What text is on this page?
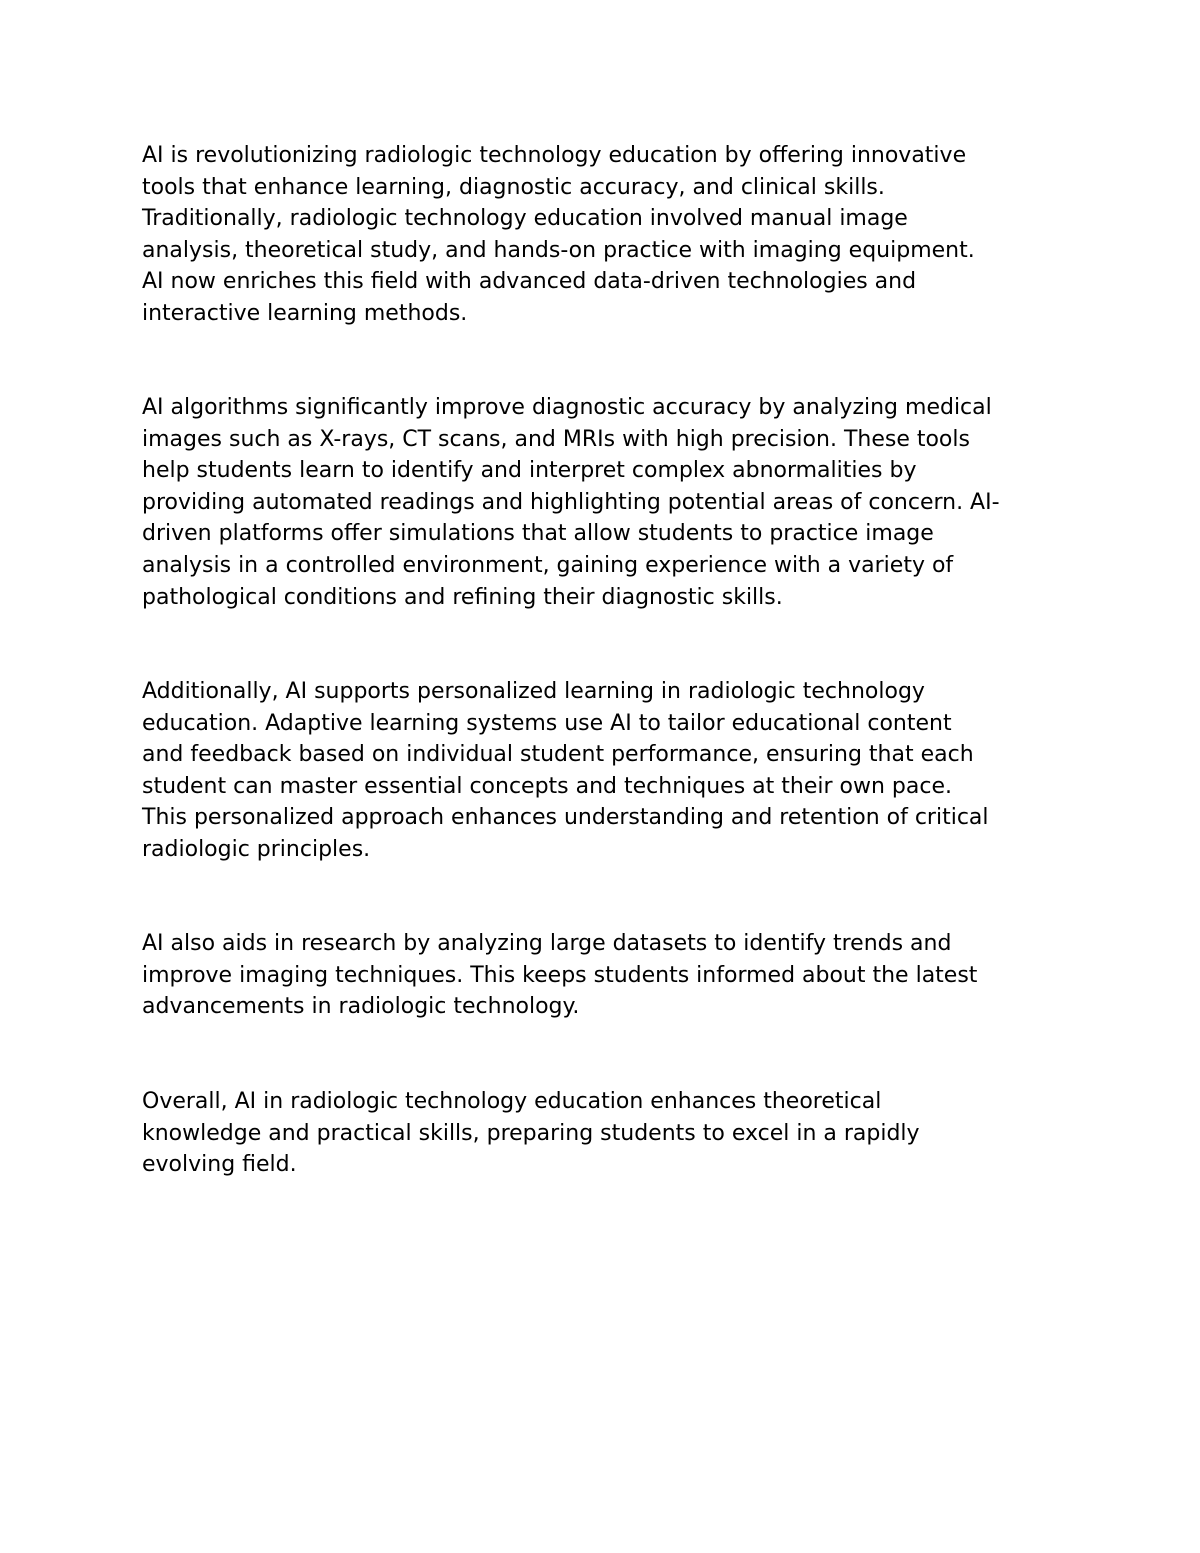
AI is revolutionizing radiologic technology education by offering innovative
tools that enhance learning, diagnostic accuracy, and clinical skills.
Traditionally, radiologic technology education involved manual image
analysis, theoretical study, and hands-on practice with imaging equipment.
AI now enriches this field with advanced data-driven technologies and
interactive learning methods.
AI algorithms significantly improve diagnostic accuracy by analyzing medical
images such as X-rays, CT scans, and MRIs with high precision. These tools
help students learn to identify and interpret complex abnormalities by
providing automated readings and highlighting potential areas of concern. AI-
driven platforms offer simulations that allow students to practice image
analysis in a controlled environment, gaining experience with a variety of
pathological conditions and refining their diagnostic skills.
Additionally, AI supports personalized learning in radiologic technology
education. Adaptive learning systems use AI to tailor educational content
and feedback based on individual student performance, ensuring that each
student can master essential concepts and techniques at their own pace.
This personalized approach enhances understanding and retention of critical
radiologic principles.
AI also aids in research by analyzing large datasets to identify trends and
improve imaging techniques. This keeps students informed about the latest
advancements in radiologic technology.
Overall, AI in radiologic technology education enhances theoretical
knowledge and practical skills, preparing students to excel in a rapidly
evolving field.
